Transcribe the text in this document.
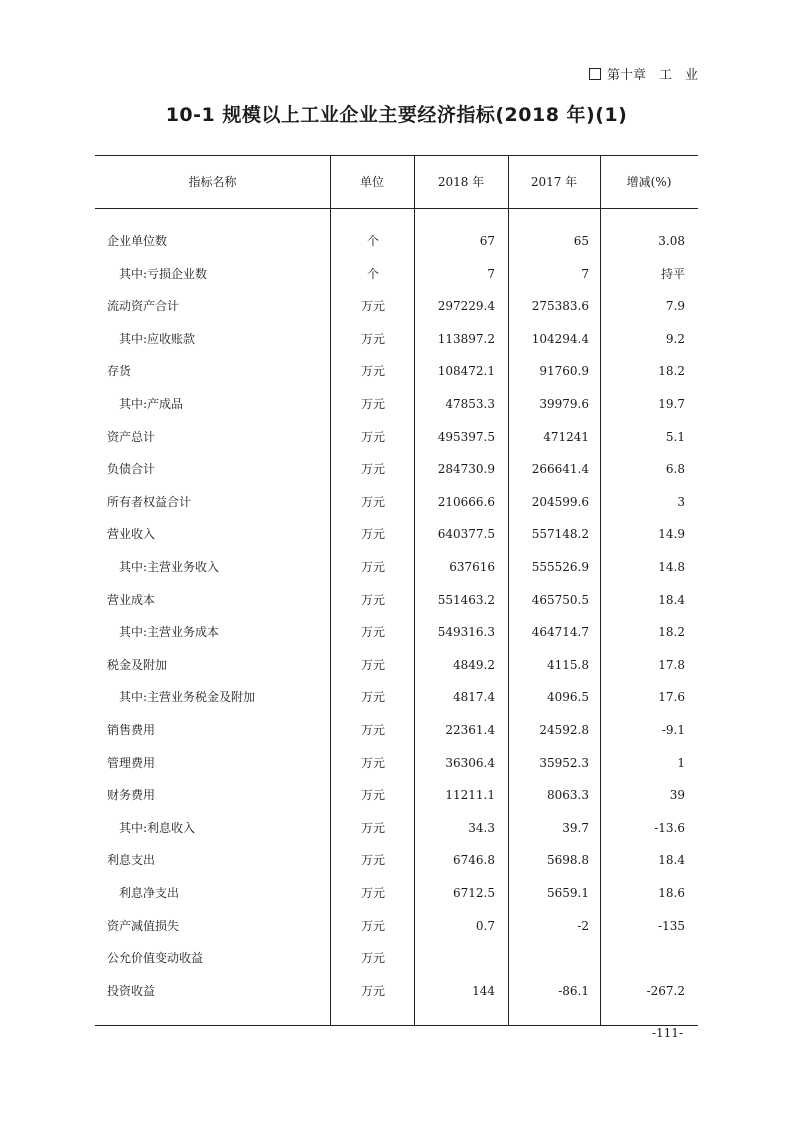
第十章　工　业
10-1 规模以上工业企业主要经济指标(2018 年)(1)
指标名称	单位	2018 年	2017 年	增减(%)
企业单位数	个	67	65	3.08
其中:亏损企业数	个	7	7	持平
流动资产合计	万元	297229.4	275383.6	7.9
其中:应收账款	万元	113897.2	104294.4	9.2
存货	万元	108472.1	91760.9	18.2
其中:产成品	万元	47853.3	39979.6	19.7
资产总计	万元	495397.5	471241	5.1
负债合计	万元	284730.9	266641.4	6.8
所有者权益合计	万元	210666.6	204599.6	3
营业收入	万元	640377.5	557148.2	14.9
其中:主营业务收入	万元	637616	555526.9	14.8
营业成本	万元	551463.2	465750.5	18.4
其中:主营业务成本	万元	549316.3	464714.7	18.2
税金及附加	万元	4849.2	4115.8	17.8
其中:主营业务税金及附加	万元	4817.4	4096.5	17.6
销售费用	万元	22361.4	24592.8	-9.1
管理费用	万元	36306.4	35952.3	1
财务费用	万元	11211.1	8063.3	39
其中:利息收入	万元	34.3	39.7	-13.6
利息支出	万元	6746.8	5698.8	18.4
利息净支出	万元	6712.5	5659.1	18.6
资产减值损失	万元	0.7	-2	-135
公允价值变动收益	万元
投资收益	万元	144	-86.1	-267.2
-111-
